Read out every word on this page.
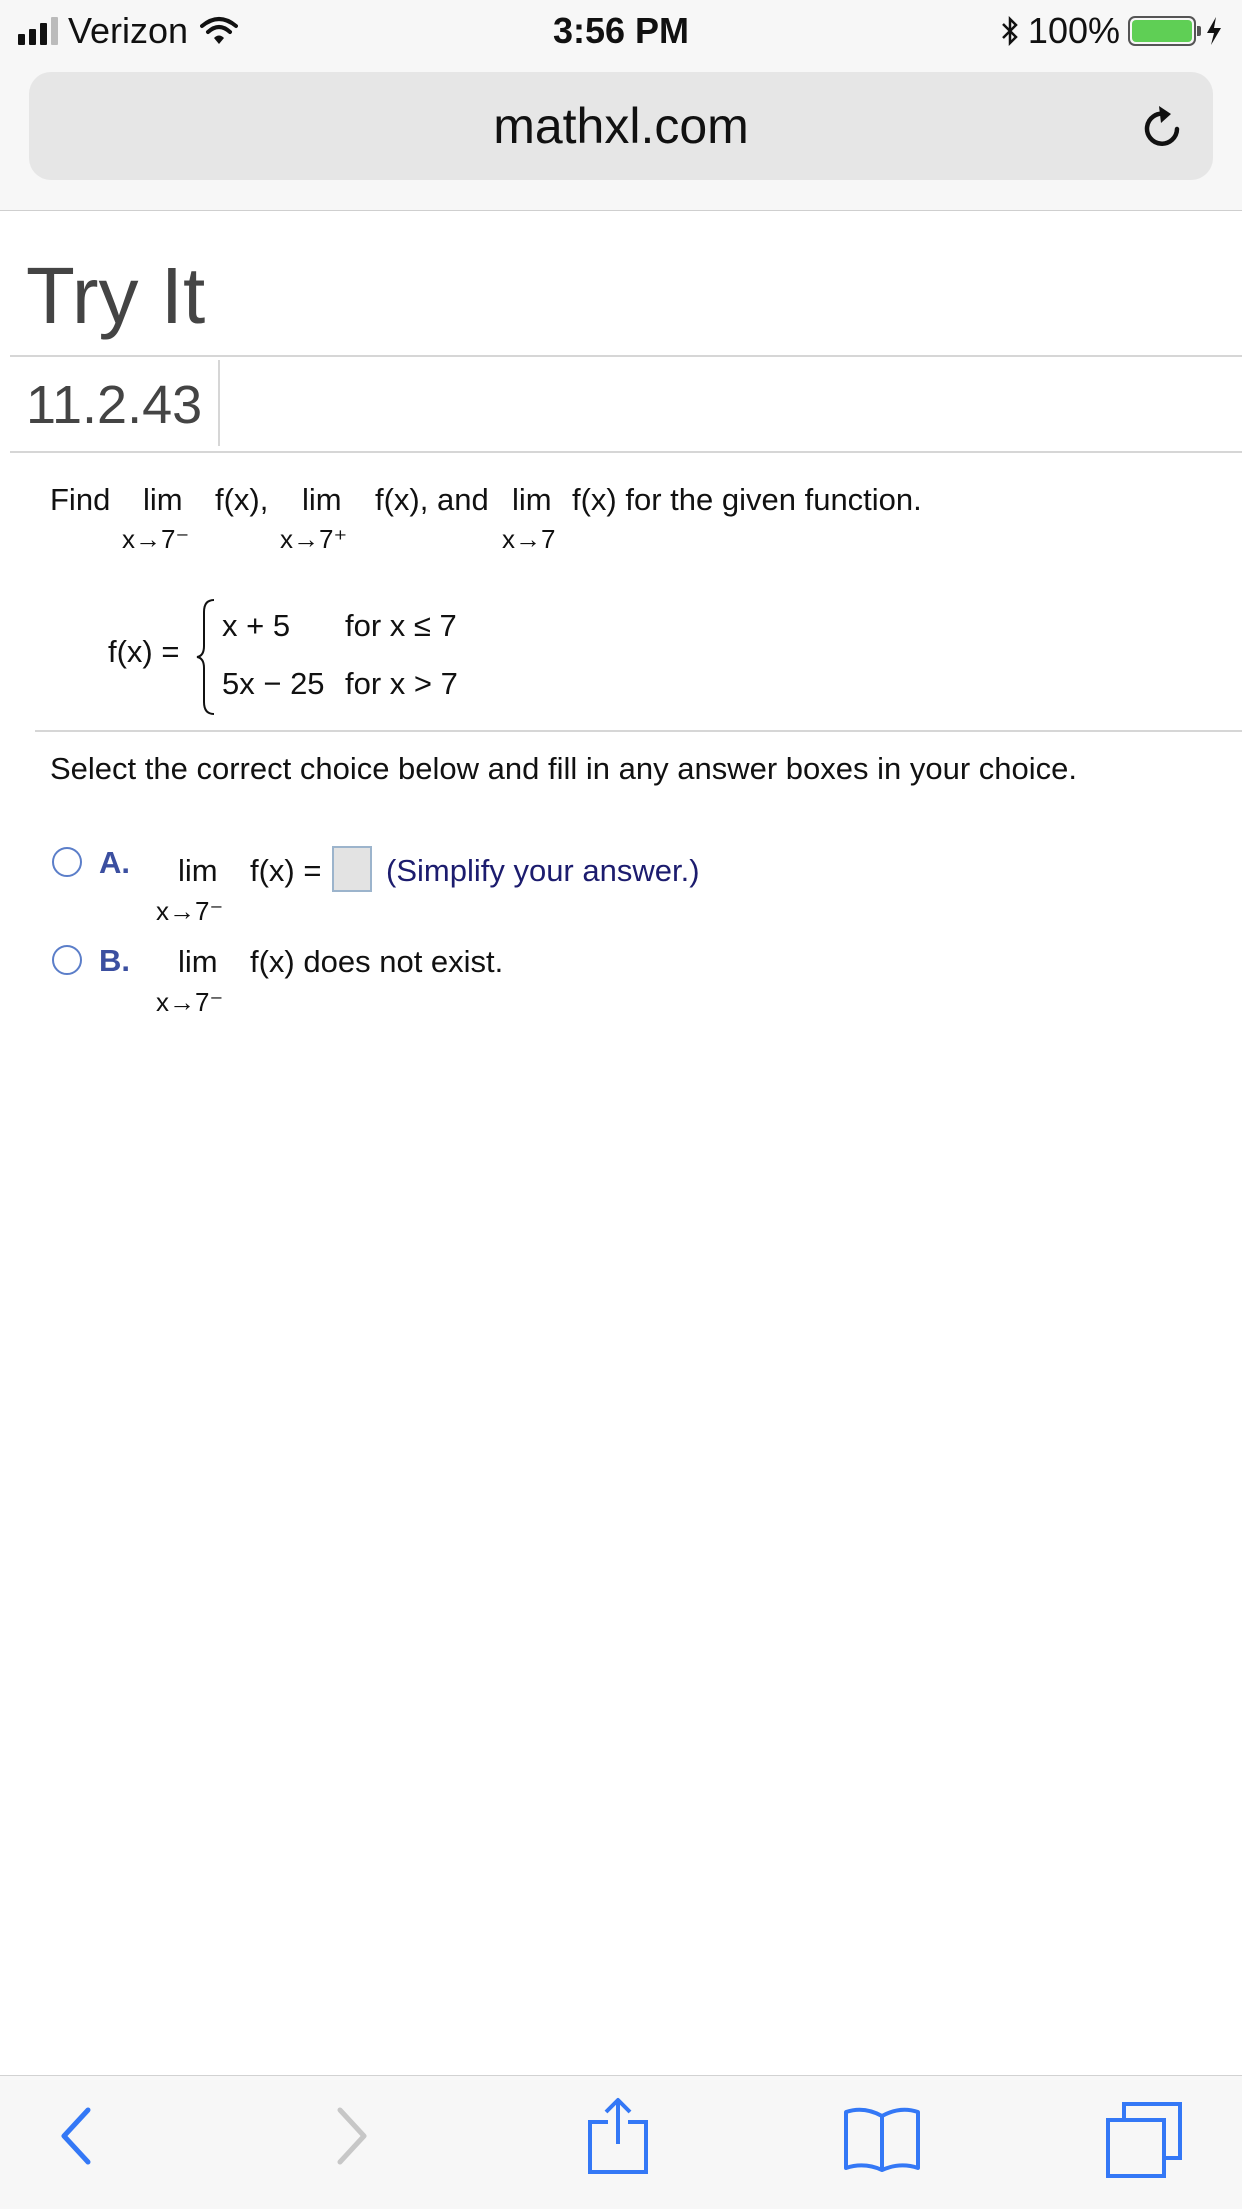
Verizon	3:56 PM	100%
mathxl.com
Try It
11.2.43
Find lim f(x),
x→7⁻
lim f(x), and
x→7⁺
lim f(x) for the given function.
x→7
f(x) =
x + 5 for x ≤ 7
5x − 25 for x > 7
Select the correct choice below and fill in any answer boxes in your choice.
A. lim
x→7⁻
f(x) = (Simplify your answer.)
B. lim
x→7⁻
f(x) does not exist.
